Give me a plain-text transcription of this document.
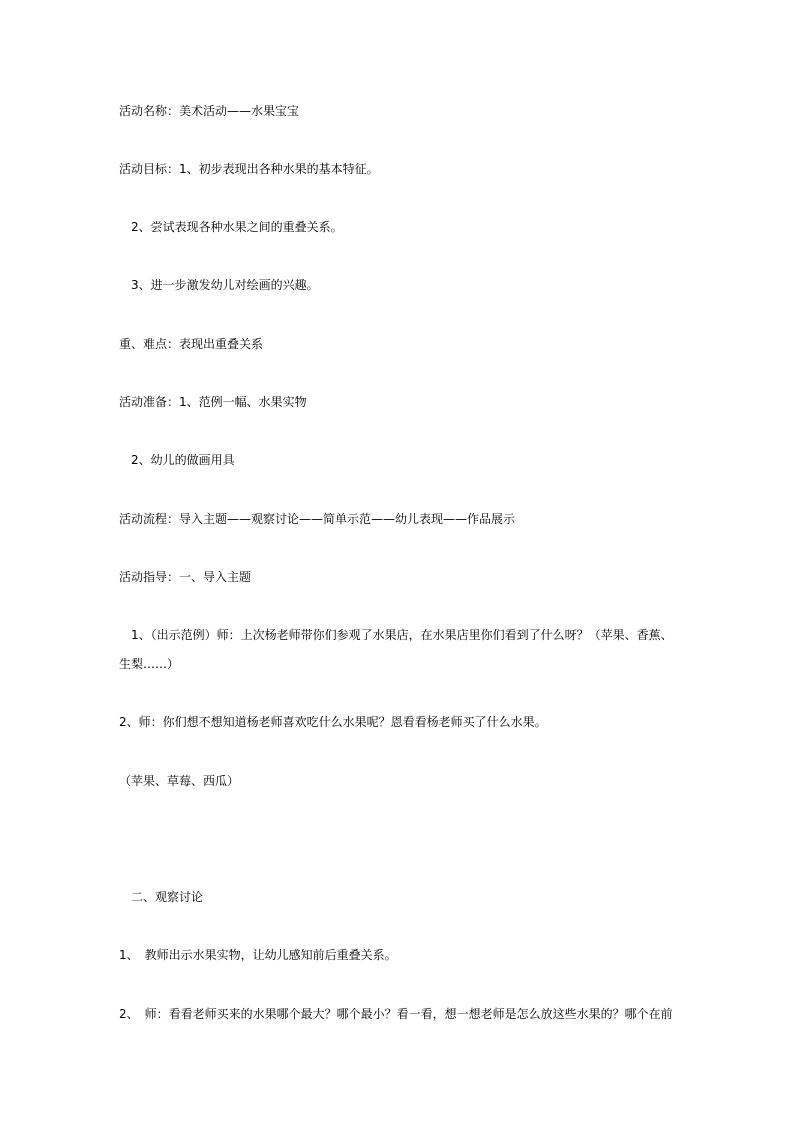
活动名称：美术活动——水果宝宝
活动目标：1、初步表现出各种水果的基本特征。
　2、尝试表现各种水果之间的重叠关系。
　3、进一步激发幼儿对绘画的兴趣。
重、难点：表现出重叠关系
活动准备：1、范例一幅、水果实物
　2、幼儿的做画用具
活动流程：导入主题——观察讨论——简单示范——幼儿表现——作品展示
活动指导：一、导入主题
　1、（出示范例）师：上次杨老师带你们参观了水果店，在水果店里你们看到了什么呀？（苹果、香蕉、
生梨……）
2、师：你们想不想知道杨老师喜欢吃什么水果呢？恩看看杨老师买了什么水果。
（苹果、草莓、西瓜）
　二、观察讨论
1、　教师出示水果实物，让幼儿感知前后重叠关系。
2、　师：看看老师买来的水果哪个最大？哪个最小？看一看，想一想老师是怎么放这些水果的？哪个在前
